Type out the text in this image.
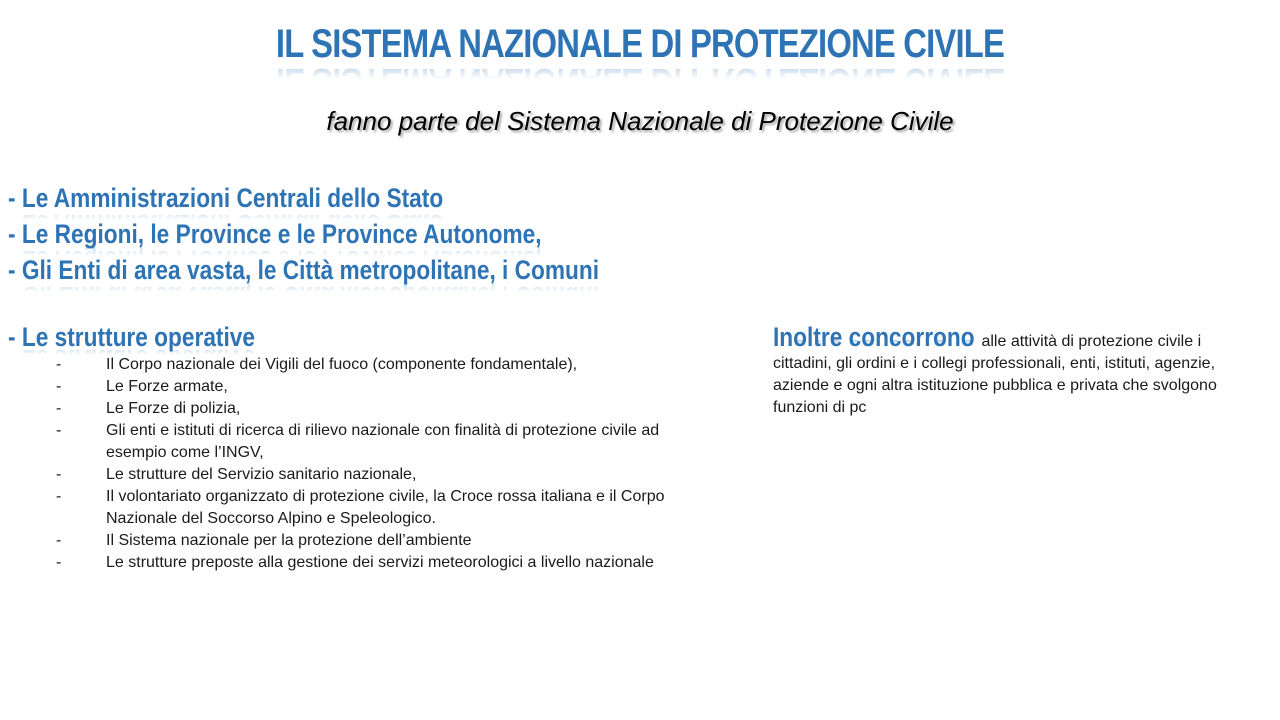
IL SISTEMA NAZIONALE DI PROTEZIONE CIVILE
fanno parte del Sistema Nazionale di Protezione Civile
- Le Amministrazioni Centrali dello Stato
- Le Regioni, le Province e le Province Autonome,
- Gli Enti di area vasta, le Città metropolitane, i Comuni
- Le strutture operative
-	Il Corpo nazionale dei Vigili del fuoco (componente fondamentale),
-	Le Forze armate,
-	Le Forze di polizia,
-	Gli enti e istituti di ricerca di rilievo nazionale con finalità di protezione civile ad esempio come l’INGV,
-	Le strutture del Servizio sanitario nazionale,
-	Il volontariato organizzato di protezione civile, la Croce rossa italiana e il Corpo Nazionale del Soccorso Alpino e Speleologico.
-	Il Sistema nazionale per la protezione dell’ambiente
-	Le strutture preposte alla gestione dei servizi meteorologici a livello nazionale
Inoltre concorrono alle attività di protezione civile i cittadini, gli ordini e i collegi professionali, enti, istituti, agenzie, aziende e ogni altra istituzione pubblica e privata che svolgono funzioni di pc
